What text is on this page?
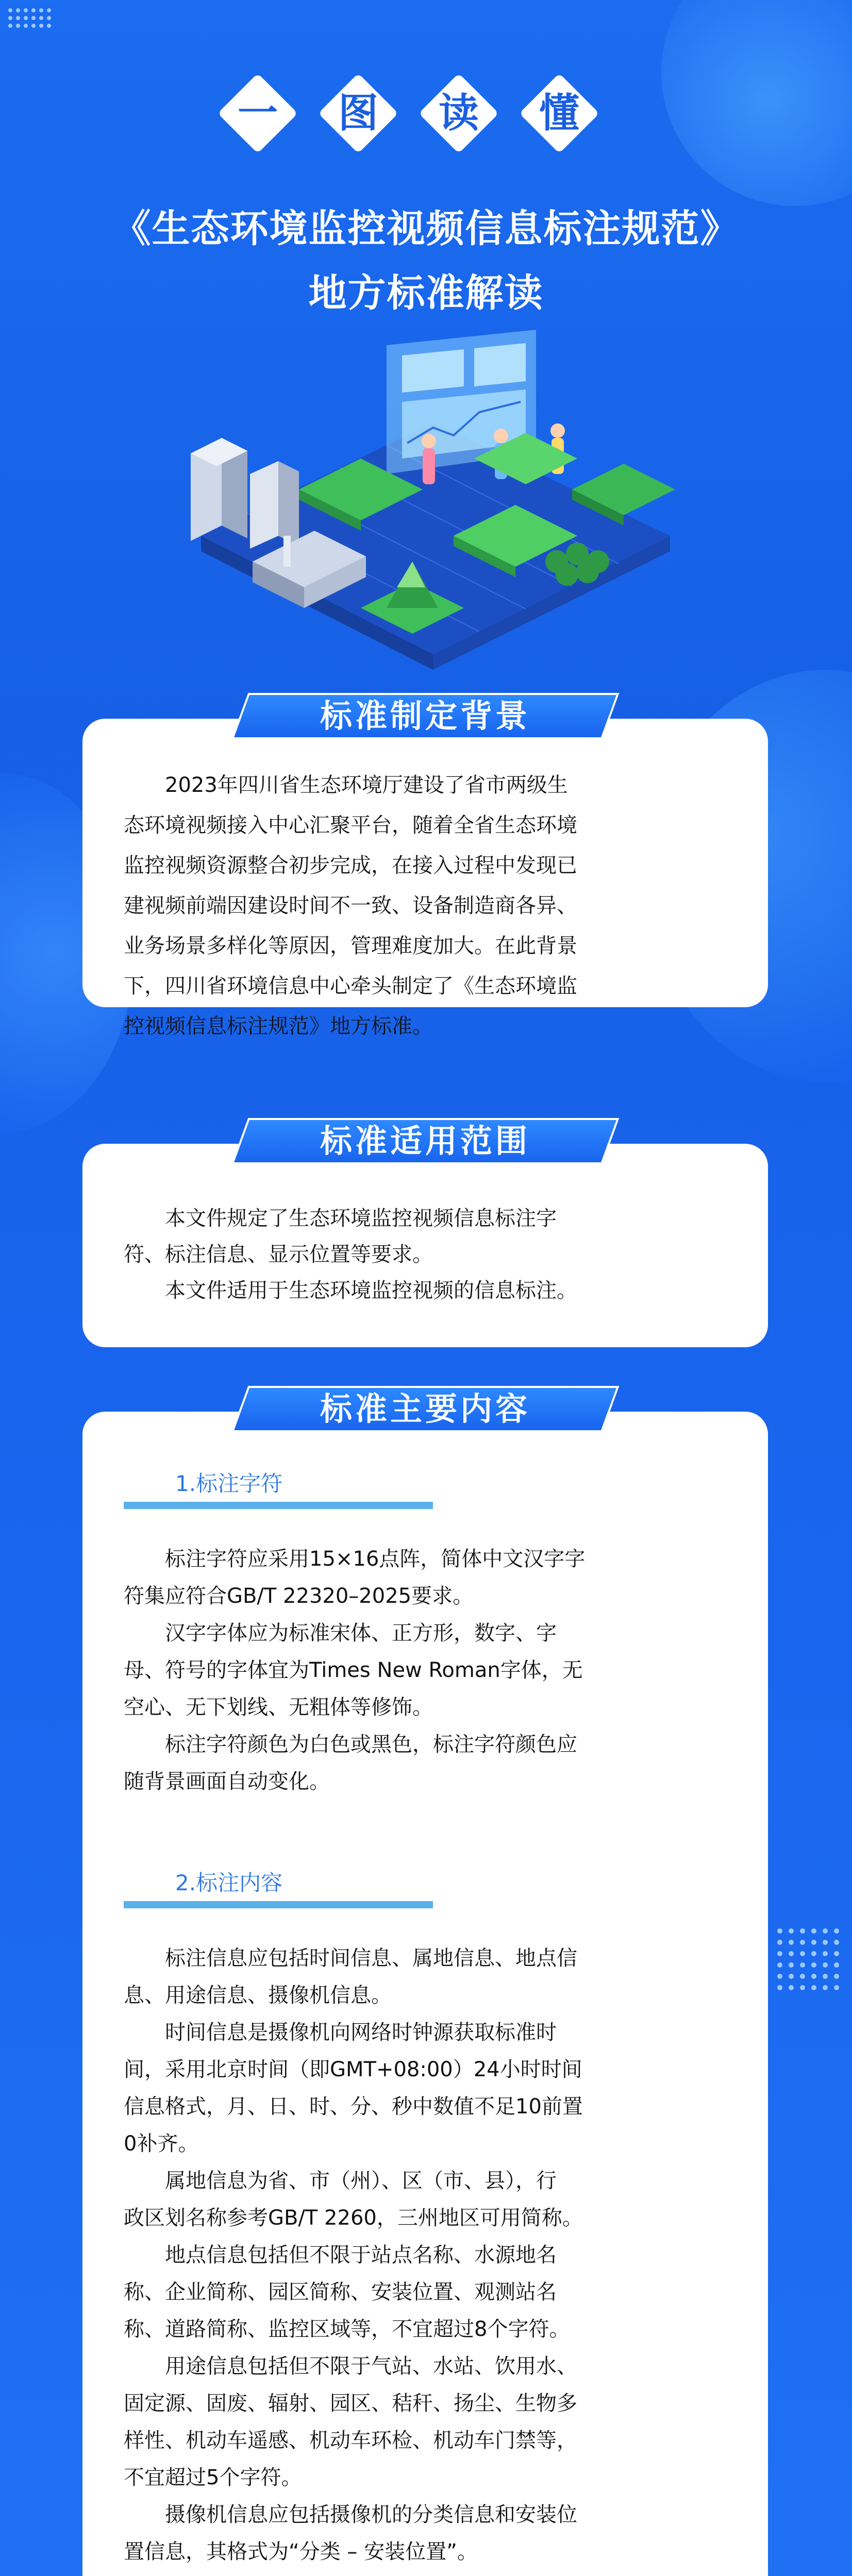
一 图 读 懂
《生态环境监控视频信息标注规范》
地方标准解读
标准制定背景
2023年四川省生态环境厅建设了省市两级生
态环境视频接入中心汇聚平台，随着全省生态环境
监控视频资源整合初步完成，在接入过程中发现已
建视频前端因建设时间不一致、设备制造商各异、
业务场景多样化等原因，管理难度加大。在此背景
下，四川省环境信息中心牵头制定了《生态环境监
控视频信息标注规范》地方标准。
标准适用范围
本文件规定了生态环境监控视频信息标注字
符、标注信息、显示位置等要求。
本文件适用于生态环境监控视频的信息标注。
标准主要内容
1.标注字符
标注字符应采用15×16点阵，简体中文汉字字
符集应符合GB/T 22320–2025要求。
汉字字体应为标准宋体、正方形，数字、字
母、符号的字体宜为Times New Roman字体，无
空心、无下划线、无粗体等修饰。
标注字符颜色为白色或黑色，标注字符颜色应
随背景画面自动变化。
2.标注内容
标注信息应包括时间信息、属地信息、地点信
息、用途信息、摄像机信息。
时间信息是摄像机向网络时钟源获取标准时
间，采用北京时间（即GMT+08:00）24小时时间
信息格式，月、日、时、分、秒中数值不足10前置
0补齐。
属地信息为省、市（州）、区（市、县），行
政区划名称参考GB/T 2260，三州地区可用简称。
地点信息包括但不限于站点名称、水源地名
称、企业简称、园区简称、安装位置、观测站名
称、道路简称、监控区域等，不宜超过8个字符。
用途信息包括但不限于气站、水站、饮用水、
固定源、固废、辐射、园区、秸秆、扬尘、生物多
样性、机动车遥感、机动车环检、机动车门禁等，
不宜超过5个字符。
摄像机信息应包括摄像机的分类信息和安装位
置信息，其格式为“分类 – 安装位置”。
